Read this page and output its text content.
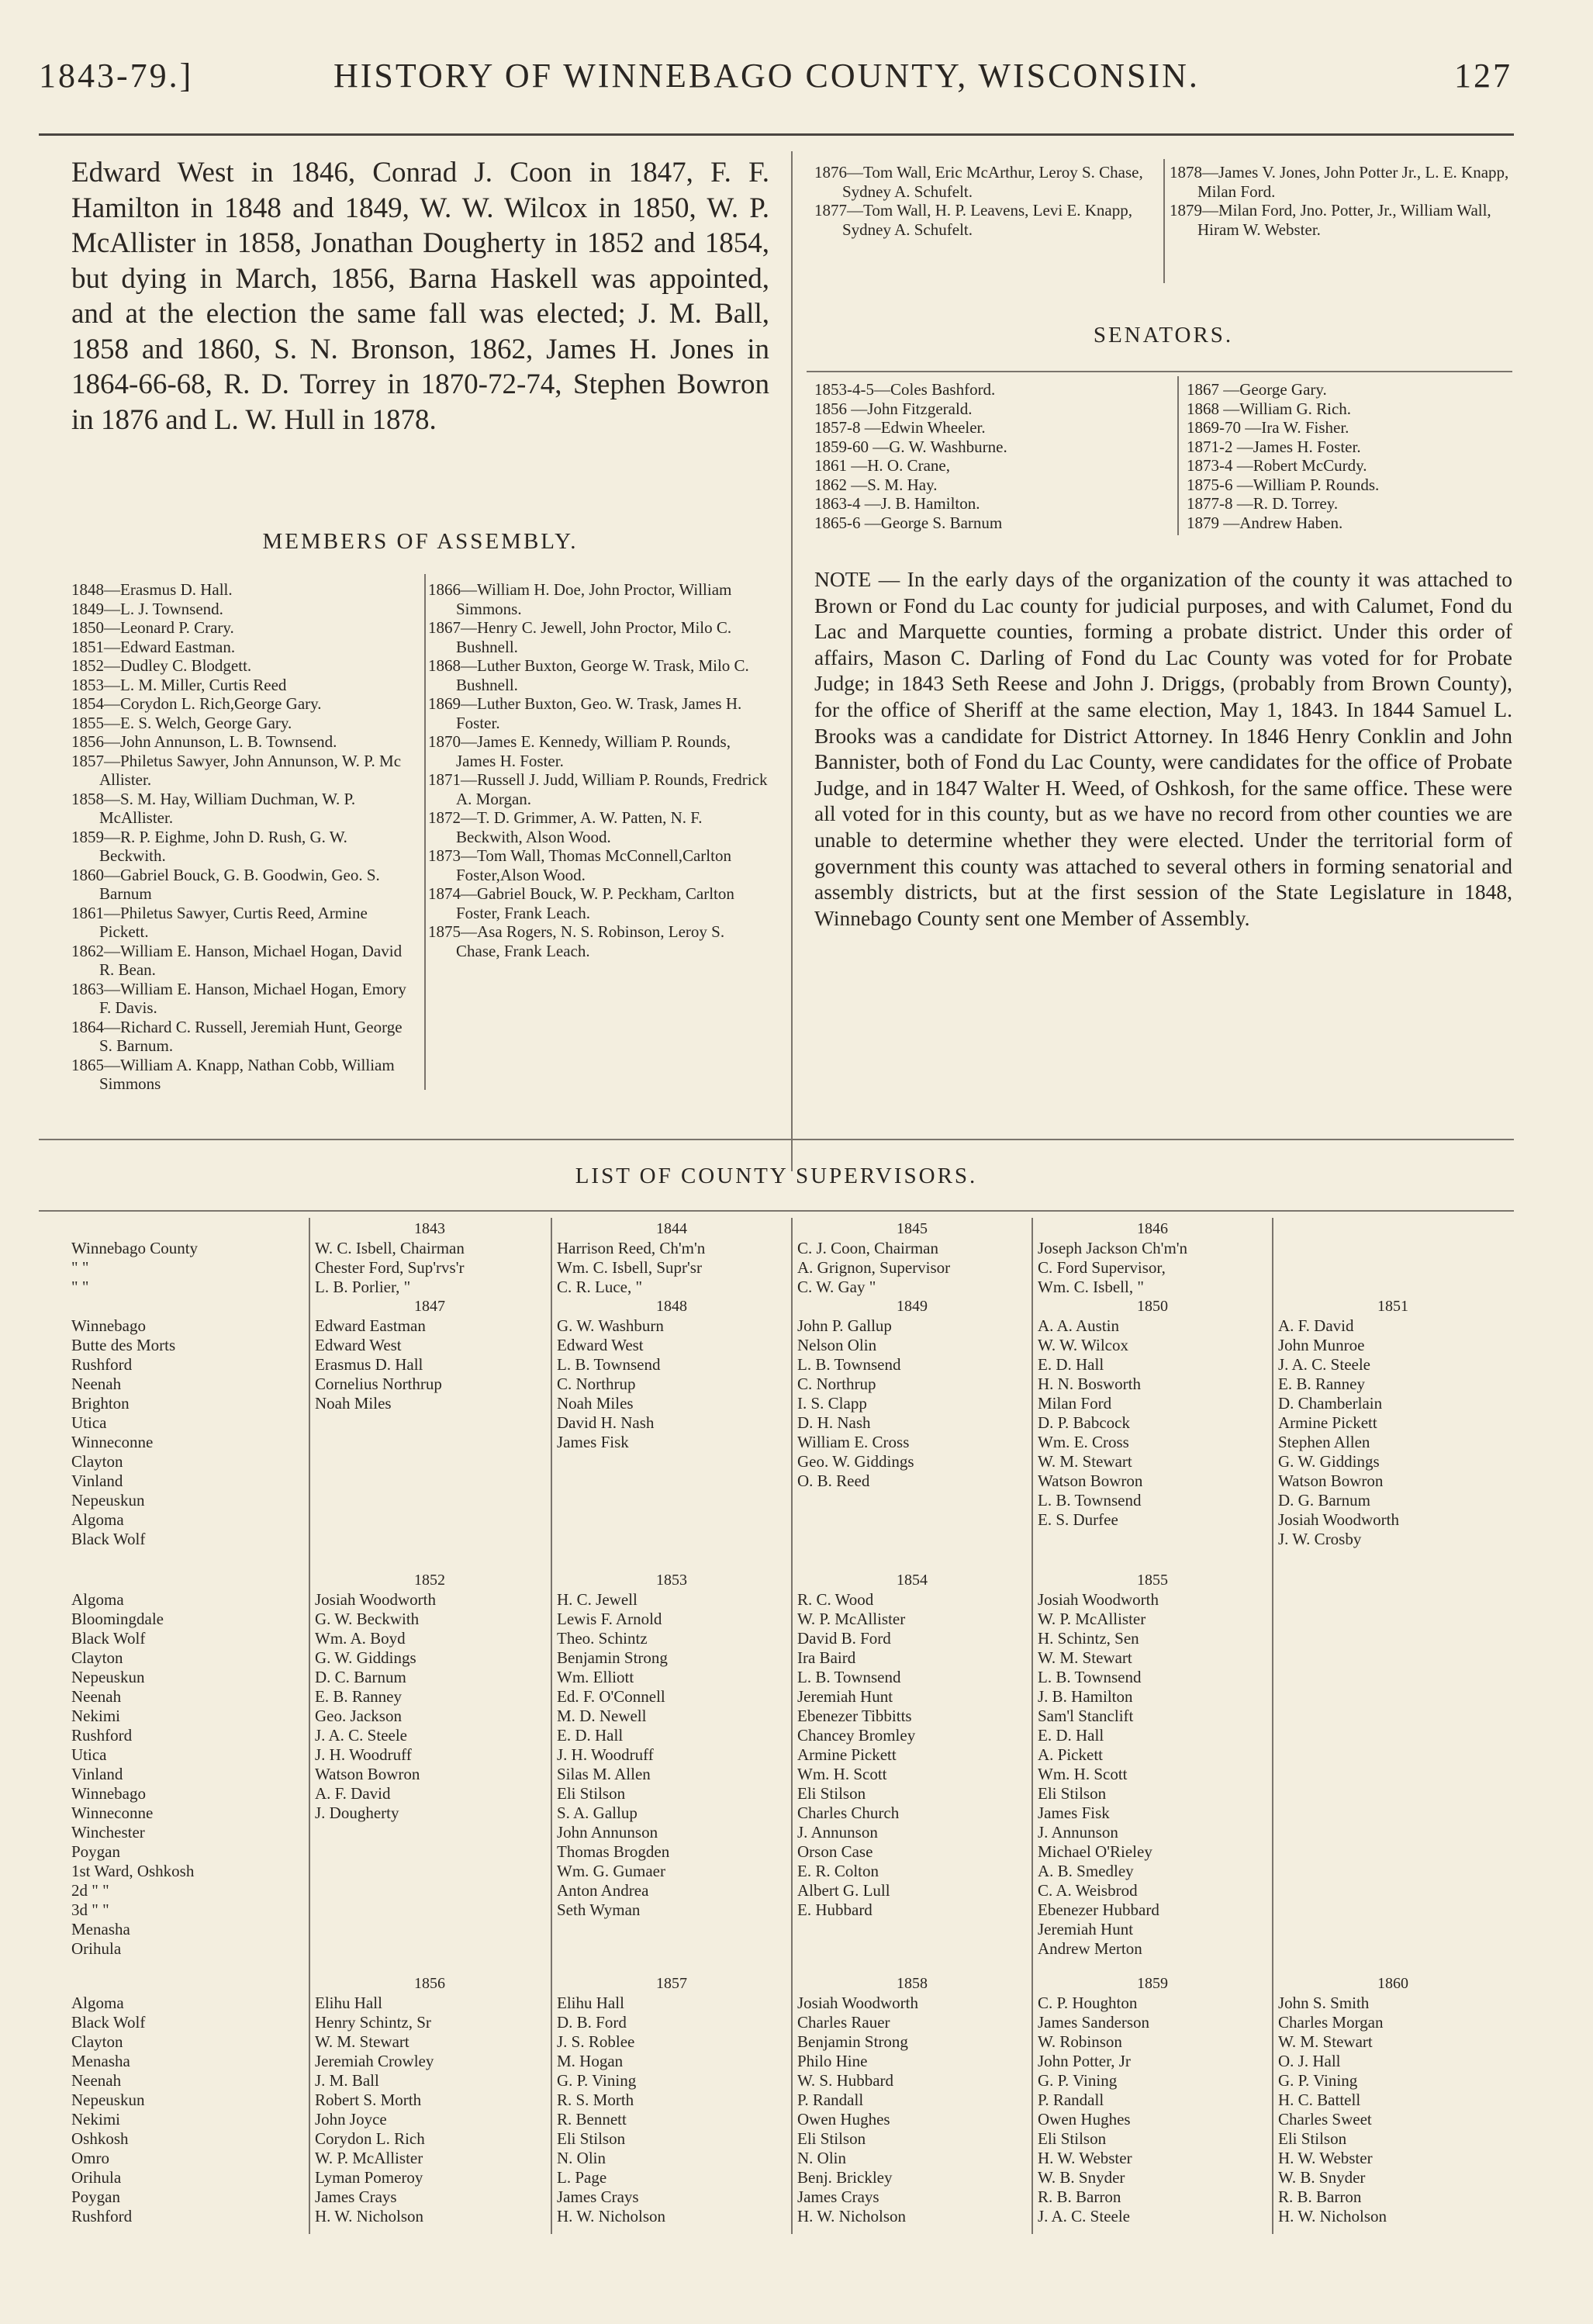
1843-79.]	HISTORY OF WINNEBAGO COUNTY, WISCONSIN.	127
Edward West in 1846, Conrad J. Coon in 1847, F. F. Hamilton in 1848 and 1849, W. W. Wilcox in 1850, W. P. McAllister in 1858, Jonathan Dougherty in 1852 and 1854, but dying in March, 1856, Barna Haskell was appointed, and at the election the same fall was elected; J. M. Ball, 1858 and 1860, S. N. Bronson, 1862, James H. Jones in 1864-66-68, R. D. Torrey in 1870-72-74, Stephen Bowron in 1876 and L. W. Hull in 1878.
MEMBERS OF ASSEMBLY.

1848—Erasmus D. Hall.

1849—L. J. Townsend.

1850—Leonard P. Crary.

1851—Edward Eastman.

1852—Dudley C. Blodgett.

1853—L. M. Miller, Curtis Reed

1854—Corydon L. Rich,George Gary.

1855—E. S. Welch, George Gary.

1856—John Annunson, L. B. Townsend.

1857—Philetus Sawyer, John Annunson, W. P. Mc Allister.

1858—S. M. Hay, William Duchman, W. P. McAllister.

1859—R. P. Eighme, John D. Rush, G. W. Beckwith.

1860—Gabriel Bouck, G. B. Goodwin, Geo. S. Barnum

1861—Philetus Sawyer, Curtis Reed, Armine Pickett.

1862—William E. Hanson, Michael Hogan, David R. Bean.

1863—William E. Hanson, Michael Hogan, Emory F. Davis.

1864—Richard C. Russell, Jeremiah Hunt, George S. Barnum.

1865—William A. Knapp, Nathan Cobb, William Simmons

1866—William H. Doe, John Proctor, William Simmons.

1867—Henry C. Jewell, John Proctor, Milo C. Bushnell.

1868—Luther Buxton, George W. Trask, Milo C. Bushnell.

1869—Luther Buxton, Geo. W. Trask, James H. Foster.

1870—James E. Kennedy, William P. Rounds, James H. Foster.

1871—Russell J. Judd, William P. Rounds, Fredrick A. Morgan.

1872—T. D. Grimmer, A. W. Patten, N. F. Beckwith, Alson Wood.

1873—Tom Wall, Thomas McConnell,Carlton Foster,Alson Wood.

1874—Gabriel Bouck, W. P. Peckham, Carlton Foster, Frank Leach.

1875—Asa Rogers, N. S. Robinson, Leroy S. Chase, Frank Leach.

1876—Tom Wall, Eric McArthur, Leroy S. Chase, Sydney A. Schufelt.

1877—Tom Wall, H. P. Leavens, Levi E. Knapp, Sydney A. Schufelt.

1878—James V. Jones, John Potter Jr., L. E. Knapp, Milan Ford.

1879—Milan Ford, Jno. Potter, Jr., William Wall, Hiram W. Webster.

SENATORS.

1853-4-5—Coles Bashford.

1856 —John Fitzgerald.

1857-8 —Edwin Wheeler.

1859-60 —G. W. Washburne.

1861 —H. O. Crane,

1862 —S. M. Hay.

1863-4 —J. B. Hamilton.

1865-6 —George S. Barnum

1867 —George Gary.

1868 —William G. Rich.

1869-70 —Ira W. Fisher.

1871-2 —James H. Foster.

1873-4 —Robert McCurdy.

1875-6 —William P. Rounds.

1877-8 —R. D. Torrey.

1879 —Andrew Haben.

NOTE — In the early days of the organization of the county it was attached to Brown or Fond du Lac county for judicial purposes, and with Calumet, Fond du Lac and Marquette counties, forming a probate district. Under this order of affairs, Mason C. Darling of Fond du Lac County was voted for for Probate Judge; in 1843 Seth Reese and John J. Driggs, (probably from Brown County), for the office of Sheriff at the same election, May 1, 1843. In 1844 Samuel L. Brooks was a candidate for District Attorney. In 1846 Henry Conklin and John Bannister, both of Fond du Lac County, were candidates for the office of Probate Judge, and in 1847 Walter H. Weed, of Oshkosh, for the same office. These were all voted for in this county, but as we have no record from other counties we are unable to determine whether they were elected. Under the territorial form of government this county was attached to several others in forming senatorial and assembly districts, but at the first session of the State Legislature in 1848, Winnebago County sent one Member of Assembly.
LIST OF COUNTY SUPERVISORS.
Winnebago County
" "
" "
Winnebago
Butte des Morts
Rushford
Neenah
Brighton
Utica
Winneconne
Clayton
Vinland
Nepeuskun
Algoma
Black Wolf
1843
W. C. Isbell, Chairman
Chester Ford, Sup'rvs'r
L. B. Porlier, "
1847
Edward Eastman
Edward West
Erasmus D. Hall
Cornelius Northrup
Noah Miles
1844
Harrison Reed, Ch'm'n
Wm. C. Isbell, Supr'sr
C. R. Luce, "
1848
G. W. Washburn
Edward West
L. B. Townsend
C. Northrup
Noah Miles
David H. Nash
James Fisk
1845
C. J. Coon, Chairman
A. Grignon, Supervisor
C. W. Gay "
1849
John P. Gallup
Nelson Olin
L. B. Townsend
C. Northrup
I. S. Clapp
D. H. Nash
William E. Cross
Geo. W. Giddings
O. B. Reed
1846
Joseph Jackson Ch'm'n
C. Ford Supervisor,
Wm. C. Isbell, "
1850
A. A. Austin
W. W. Wilcox
E. D. Hall
H. N. Bosworth
Milan Ford
D. P. Babcock
Wm. E. Cross
W. M. Stewart
Watson Bowron
L. B. Townsend
E. S. Durfee
1851
A. F. David
John Munroe
J. A. C. Steele
E. B. Ranney
D. Chamberlain
Armine Pickett
Stephen Allen
G. W. Giddings
Watson Bowron
D. G. Barnum
Josiah Woodworth
J. W. Crosby
Algoma
Bloomingdale
Black Wolf
Clayton
Nepeuskun
Neenah
Nekimi
Rushford
Utica
Vinland
Winnebago
Winneconne
Winchester
Poygan
1st Ward, Oshkosh
2d " "
3d " "
Menasha
Orihula
1852
Josiah Woodworth
G. W. Beckwith
Wm. A. Boyd
G. W. Giddings
D. C. Barnum
E. B. Ranney
Geo. Jackson
J. A. C. Steele
J. H. Woodruff
Watson Bowron
A. F. David
J. Dougherty
1853
H. C. Jewell
Lewis F. Arnold
Theo. Schintz
Benjamin Strong
Wm. Elliott
Ed. F. O'Connell
M. D. Newell
E. D. Hall
J. H. Woodruff
Silas M. Allen
Eli Stilson
S. A. Gallup
John Annunson
Thomas Brogden
Wm. G. Gumaer
Anton Andrea
Seth Wyman
1854
R. C. Wood
W. P. McAllister
David B. Ford
Ira Baird
L. B. Townsend
Jeremiah Hunt
Ebenezer Tibbitts
Chancey Bromley
Armine Pickett
Wm. H. Scott
Eli Stilson
Charles Church
J. Annunson
Orson Case
E. R. Colton
Albert G. Lull
E. Hubbard
1855
Josiah Woodworth
W. P. McAllister
H. Schintz, Sen
W. M. Stewart
L. B. Townsend
J. B. Hamilton
Sam'l Stanclift
E. D. Hall
A. Pickett
Wm. H. Scott
Eli Stilson
James Fisk
J. Annunson
Michael O'Rieley
A. B. Smedley
C. A. Weisbrod
Ebenezer Hubbard
Jeremiah Hunt
Andrew Merton
Algoma
Black Wolf
Clayton
Menasha
Neenah
Nepeuskun
Nekimi
Oshkosh
Omro
Orihula
Poygan
Rushford
1856
Elihu Hall
Henry Schintz, Sr
W. M. Stewart
Jeremiah Crowley
J. M. Ball
Robert S. Morth
John Joyce
Corydon L. Rich
W. P. McAllister
Lyman Pomeroy
James Crays
H. W. Nicholson
1857
Elihu Hall
D. B. Ford
J. S. Roblee
M. Hogan
G. P. Vining
R. S. Morth
R. Bennett
Eli Stilson
N. Olin
L. Page
James Crays
H. W. Nicholson
1858
Josiah Woodworth
Charles Rauer
Benjamin Strong
Philo Hine
W. S. Hubbard
P. Randall
Owen Hughes
Eli Stilson
N. Olin
Benj. Brickley
James Crays
H. W. Nicholson
1859
C. P. Houghton
James Sanderson
W. Robinson
John Potter, Jr
G. P. Vining
P. Randall
Owen Hughes
Eli Stilson
H. W. Webster
W. B. Snyder
R. B. Barron
J. A. C. Steele
1860
John S. Smith
Charles Morgan
W. M. Stewart
O. J. Hall
G. P. Vining
H. C. Battell
Charles Sweet
Eli Stilson
H. W. Webster
W. B. Snyder
R. B. Barron
H. W. Nicholson
